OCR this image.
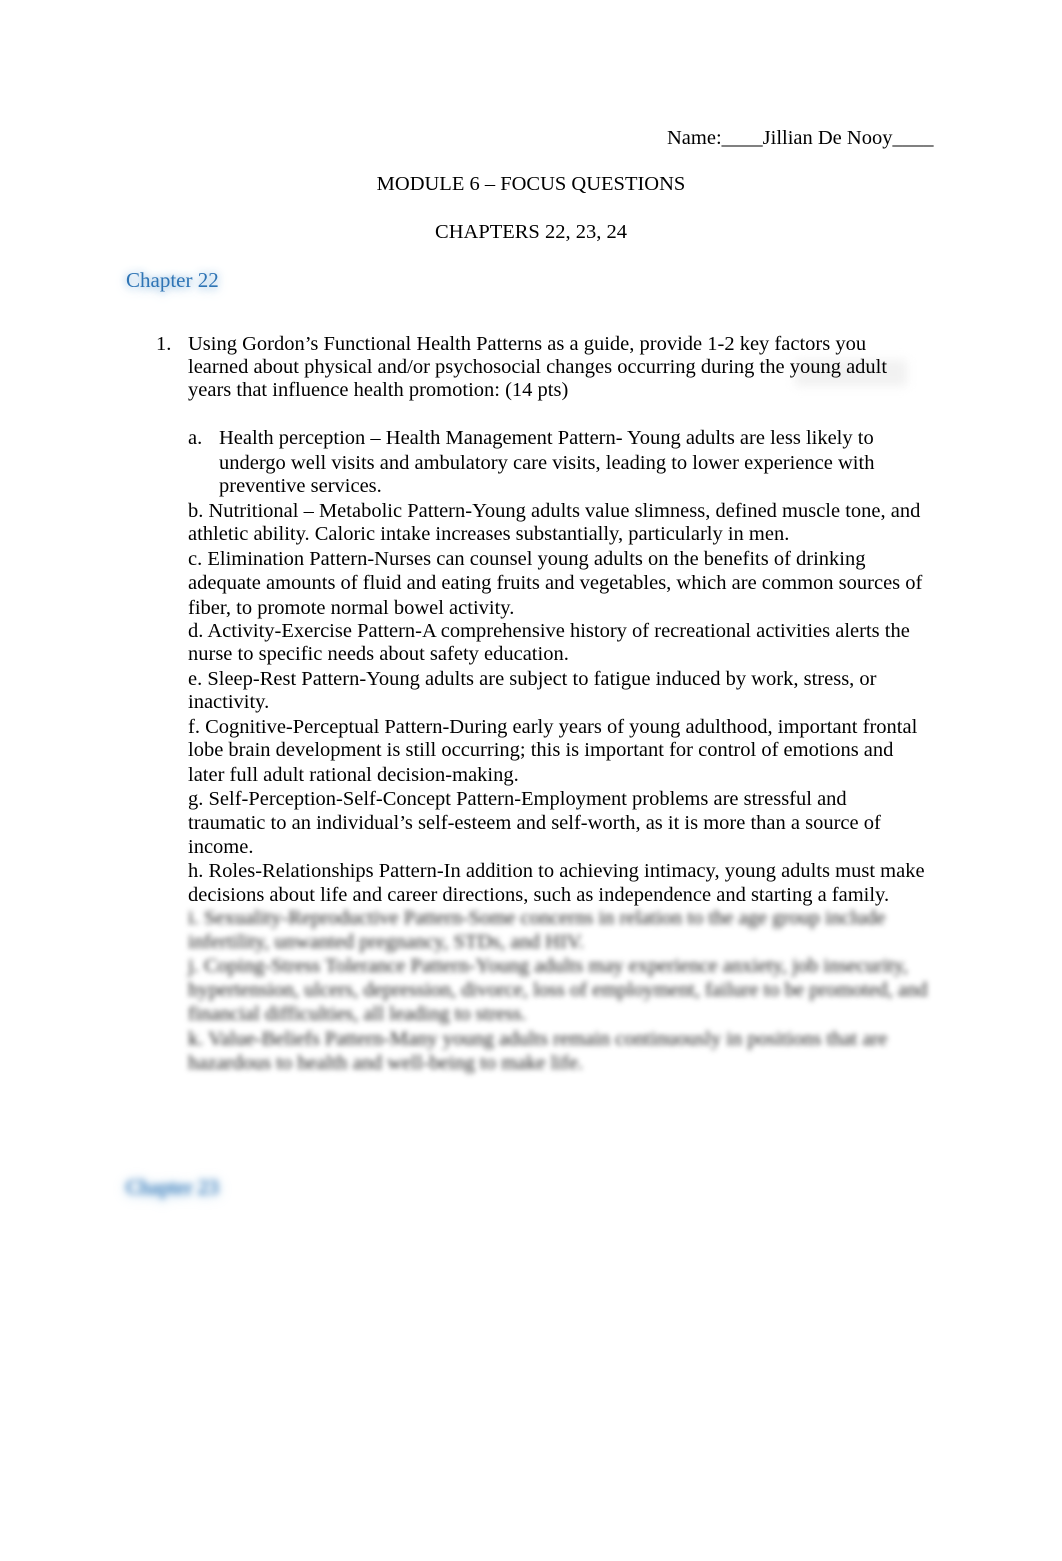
Name:____Jillian De Nooy____
MODULE 6 – FOCUS QUESTIONS
CHAPTERS 22, 23, 24
Chapter 22
1. Using Gordon’s Functional Health Patterns as a guide, provide 1-2 key factors you
learned about physical and/or psychosocial changes occurring during the young adult
years that influence health promotion: (14 pts)
a. Health perception – Health Management Pattern- Young adults are less likely to
undergo well visits and ambulatory care visits, leading to lower experience with
preventive services.
b. Nutritional – Metabolic Pattern-Young adults value slimness, defined muscle tone, and
athletic ability. Caloric intake increases substantially, particularly in men.
c. Elimination Pattern-Nurses can counsel young adults on the benefits of drinking
adequate amounts of fluid and eating fruits and vegetables, which are common sources of
fiber, to promote normal bowel activity.
d. Activity-Exercise Pattern-A comprehensive history of recreational activities alerts the
nurse to specific needs about safety education.
e. Sleep-Rest Pattern-Young adults are subject to fatigue induced by work, stress, or
inactivity.
f. Cognitive-Perceptual Pattern-During early years of young adulthood, important frontal
lobe brain development is still occurring; this is important for control of emotions and
later full adult rational decision-making.
g. Self-Perception-Self-Concept Pattern-Employment problems are stressful and
traumatic to an individual’s self-esteem and self-worth, as it is more than a source of
income.
h. Roles-Relationships Pattern-In addition to achieving intimacy, young adults must make
decisions about life and career directions, such as independence and starting a family.
i. Sexuality-Reproductive Pattern-Some concerns in relation to the age group include
infertility, unwanted pregnancy, STDs, and HIV.
j. Coping-Stress Tolerance Pattern-Young adults may experience anxiety, job insecurity,
hypertension, ulcers, depression, divorce, loss of employment, failure to be promoted, and
financial difficulties, all leading to stress.
k. Value-Beliefs Pattern-Many young adults remain continuously in positions that are
hazardous to health and well-being to make life.
Chapter 23
